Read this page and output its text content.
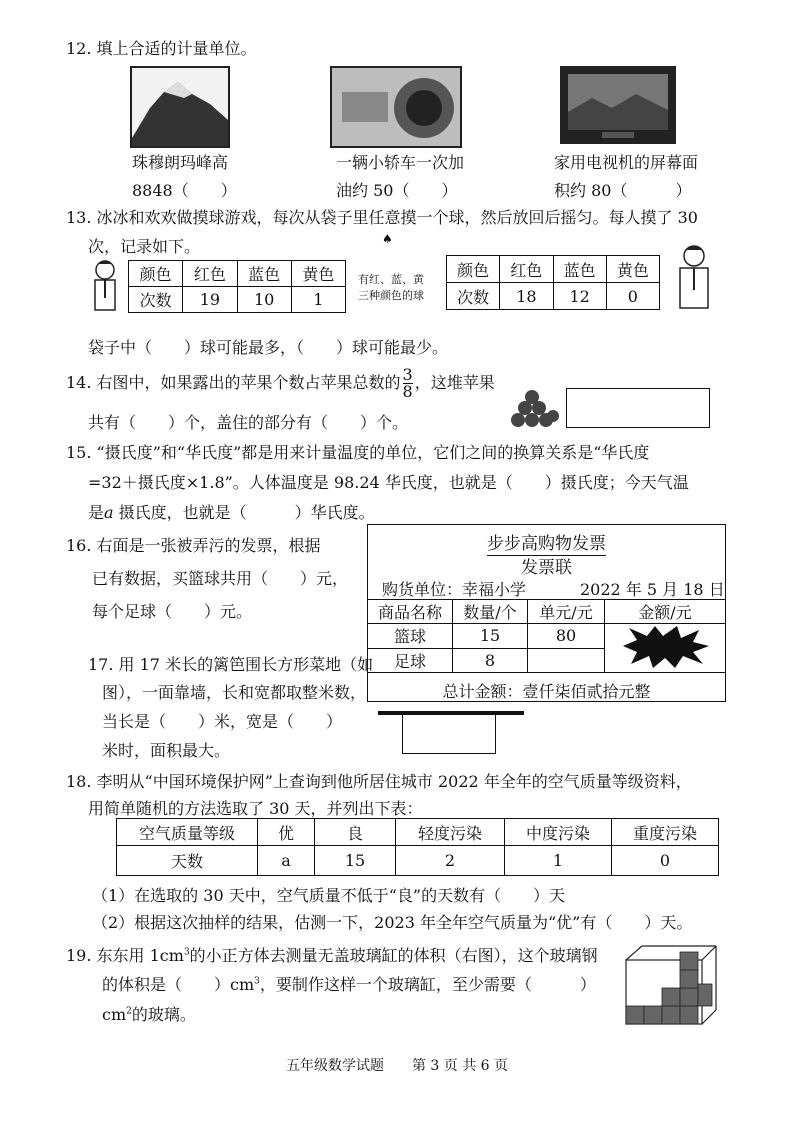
12. 填上合适的计量单位。
珠穆朗玛峰高
8848（　　）
一辆小轿车一次加
油约 50（　　）
家用电视机的屏幕面
积约 80（　　　）
13. 冰冰和欢欢做摸球游戏，每次从袋子里任意摸一个球，然后放回后摇匀。每人摸了 30
次，记录如下。
颜色	红色	蓝色	黄色
次数	19	10	1
♠
有红、蓝、黄
三种颜色的球
颜色	红色	蓝色	黄色
次数	18	12	0
袋子中（　　）球可能最多，（　　）球可能最少。
14. 右图中，如果露出的苹果个数占苹果总数的 $\frac{3}{8}$ ，这堆苹果
共有（　　）个，盖住的部分有（　　）个。
15. “摄氏度”和“华氏度”都是用来计量温度的单位，它们之间的换算关系是“华氏度
=32＋摄氏度×1.8”。人体温度是 98.24 华氏度，也就是（　　）摄氏度；今天气温
是a 摄氏度，也就是（　　　）华氏度。
16. 右面是一张被弄污的发票，根据
已有数据，买篮球共用（　　）元，
每个足球（　　）元。
步步高购物发票
发票联
购货单位：幸福小学	2022 年 5 月 18 日
商品名称	数量/个	单元/元	金额/元
篮球	15	80	
足球	8		
总计金额：壹仟柒佰贰拾元整
17. 用 17 米长的篱笆围长方形菜地（如
图），一面靠墙，长和宽都取整米数，
当长是（　　）米，宽是（　　）
米时，面积最大。
18. 李明从“中国环境保护网”上查询到他所居住城市 2022 年全年的空气质量等级资料，
用简单随机的方法选取了 30 天，并列出下表：
空气质量等级	优	良	轻度污染	中度污染	重度污染
天数	a	15	2	1	0
（1）在选取的 30 天中，空气质量不低于“良”的天数有（　　）天
（2）根据这次抽样的结果，估测一下，2023 年全年空气质量为“优”有（　　）天。
19. 东东用 $1cm^3$的小正方体去测量无盖玻璃缸的体积（右图），这个玻璃钢
的体积是（　　）$cm^3$，要制作这样一个玻璃缸，至少需要（　　　）
$cm^2$的玻璃。
五年级数学试题　　第 3 页 共 6 页
